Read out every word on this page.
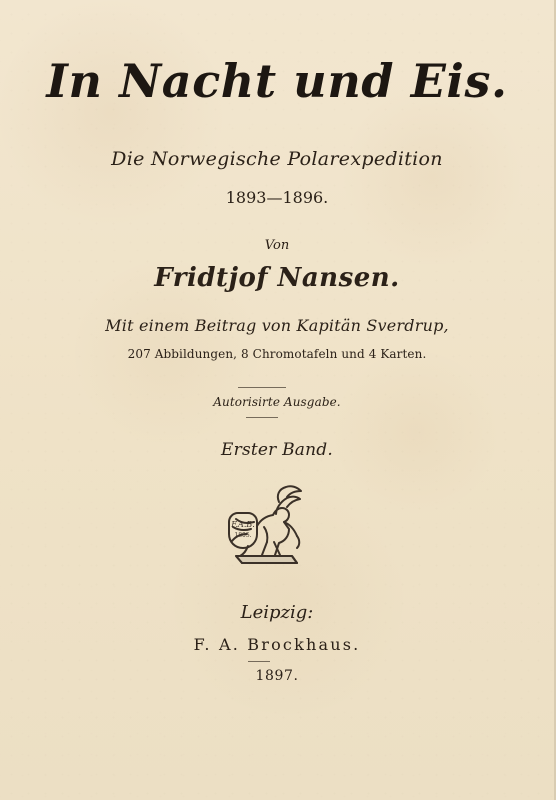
In Nacht und Eis.
Die Norwegische Polarexpedition
1893—1896.
Von
Fridtjof Nansen.
Mit einem Beitrag von Kapitän Sverdrup,
207 Abbildungen, 8 Chromotafeln und 4 Karten.
Autorisirte Ausgabe.
Erster Band.
F.A.B.
1805.
Leipzig:
F. A. Brockhaus.
1897.
